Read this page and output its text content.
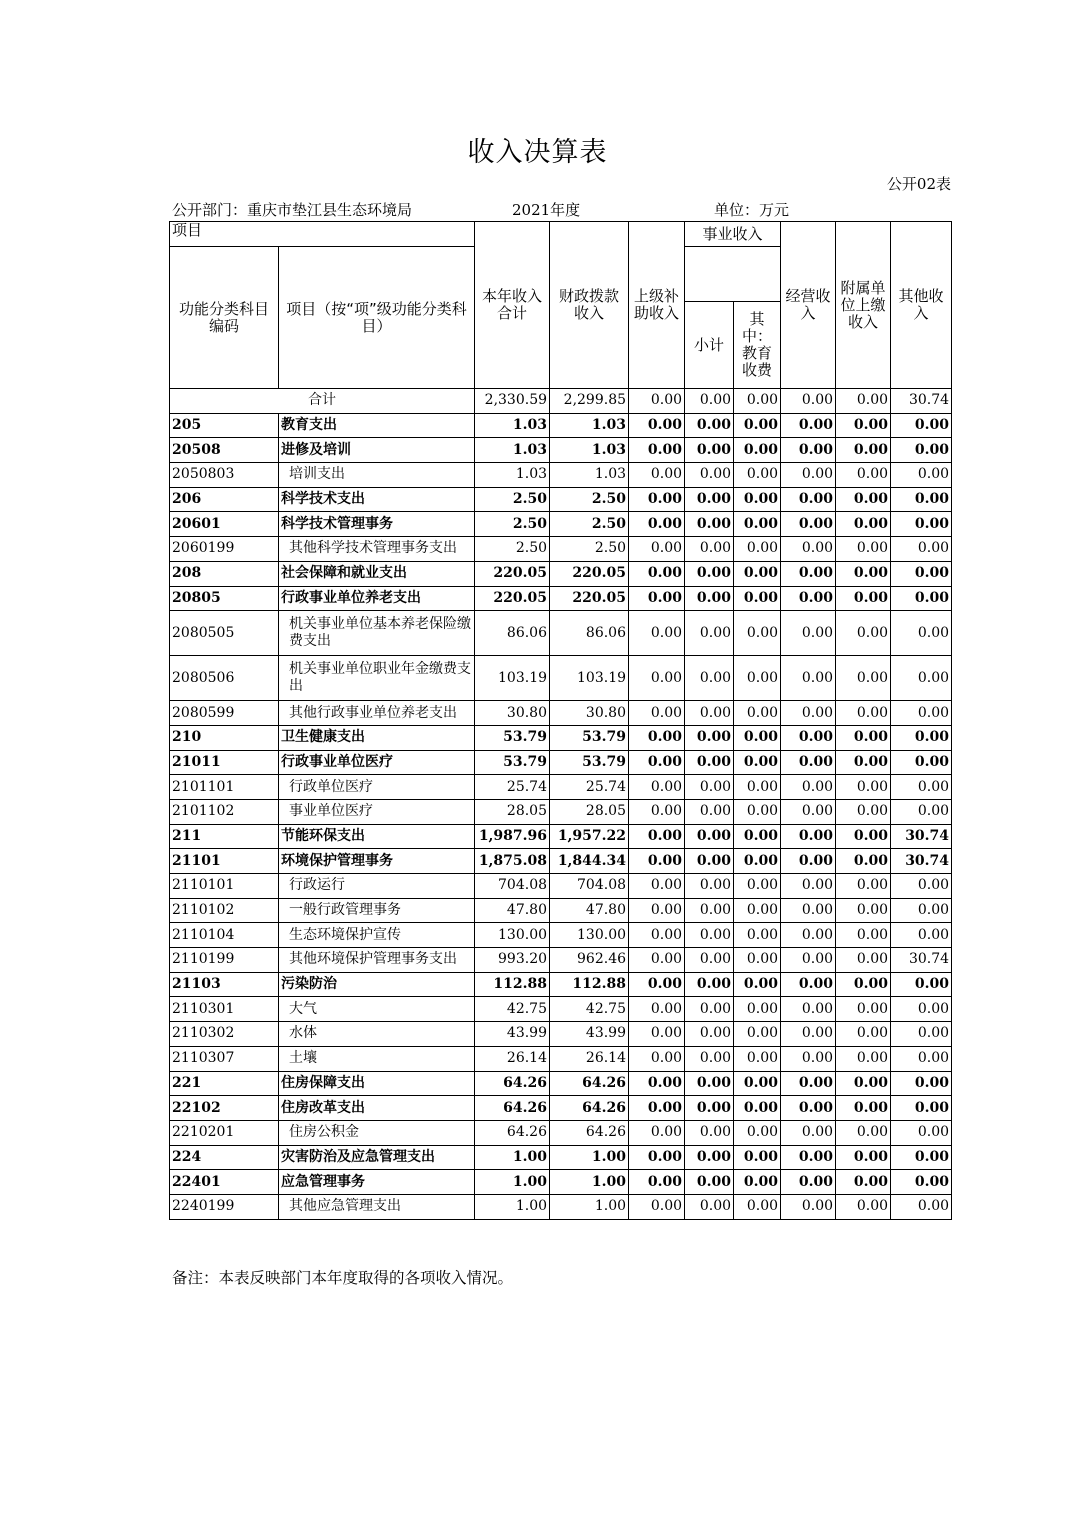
收入决算表
公开02表
公开部门：重庆市垫江县生态环境局	2021年度	单位：万元
项目		本年收入合计	财政拨款收入	上级补助收入	事业收入		经营收入	附属单位上缴收入	其他收入
功能分类科目编码	项目（按“项”级功能分类科目）								
					小计	其中：教育收费			
合计		2,330.59	2,299.85	0.00	0.00	0.00	0.00	0.00	30.74
205	教育支出	1.03	1.03	0.00	0.00	0.00	0.00	0.00	0.00
20508	进修及培训	1.03	1.03	0.00	0.00	0.00	0.00	0.00	0.00
2050803	培训支出	1.03	1.03	0.00	0.00	0.00	0.00	0.00	0.00
206	科学技术支出	2.50	2.50	0.00	0.00	0.00	0.00	0.00	0.00
20601	科学技术管理事务	2.50	2.50	0.00	0.00	0.00	0.00	0.00	0.00
2060199	其他科学技术管理事务支出	2.50	2.50	0.00	0.00	0.00	0.00	0.00	0.00
208	社会保障和就业支出	220.05	220.05	0.00	0.00	0.00	0.00	0.00	0.00
20805	行政事业单位养老支出	220.05	220.05	0.00	0.00	0.00	0.00	0.00	0.00
2080505	机关事业单位基本养老保险缴费支出	86.06	86.06	0.00	0.00	0.00	0.00	0.00	0.00
2080506	机关事业单位职业年金缴费支出	103.19	103.19	0.00	0.00	0.00	0.00	0.00	0.00
2080599	其他行政事业单位养老支出	30.80	30.80	0.00	0.00	0.00	0.00	0.00	0.00
210	卫生健康支出	53.79	53.79	0.00	0.00	0.00	0.00	0.00	0.00
21011	行政事业单位医疗	53.79	53.79	0.00	0.00	0.00	0.00	0.00	0.00
2101101	行政单位医疗	25.74	25.74	0.00	0.00	0.00	0.00	0.00	0.00
2101102	事业单位医疗	28.05	28.05	0.00	0.00	0.00	0.00	0.00	0.00
211	节能环保支出	1,987.96	1,957.22	0.00	0.00	0.00	0.00	0.00	30.74
21101	环境保护管理事务	1,875.08	1,844.34	0.00	0.00	0.00	0.00	0.00	30.74
2110101	行政运行	704.08	704.08	0.00	0.00	0.00	0.00	0.00	0.00
2110102	一般行政管理事务	47.80	47.80	0.00	0.00	0.00	0.00	0.00	0.00
2110104	生态环境保护宣传	130.00	130.00	0.00	0.00	0.00	0.00	0.00	0.00
2110199	其他环境保护管理事务支出	993.20	962.46	0.00	0.00	0.00	0.00	0.00	30.74
21103	污染防治	112.88	112.88	0.00	0.00	0.00	0.00	0.00	0.00
2110301	大气	42.75	42.75	0.00	0.00	0.00	0.00	0.00	0.00
2110302	水体	43.99	43.99	0.00	0.00	0.00	0.00	0.00	0.00
2110307	土壤	26.14	26.14	0.00	0.00	0.00	0.00	0.00	0.00
221	住房保障支出	64.26	64.26	0.00	0.00	0.00	0.00	0.00	0.00
22102	住房改革支出	64.26	64.26	0.00	0.00	0.00	0.00	0.00	0.00
2210201	住房公积金	64.26	64.26	0.00	0.00	0.00	0.00	0.00	0.00
224	灾害防治及应急管理支出	1.00	1.00	0.00	0.00	0.00	0.00	0.00	0.00
22401	应急管理事务	1.00	1.00	0.00	0.00	0.00	0.00	0.00	0.00
2240199	其他应急管理支出	1.00	1.00	0.00	0.00	0.00	0.00	0.00	0.00
备注：本表反映部门本年度取得的各项收入情况。
